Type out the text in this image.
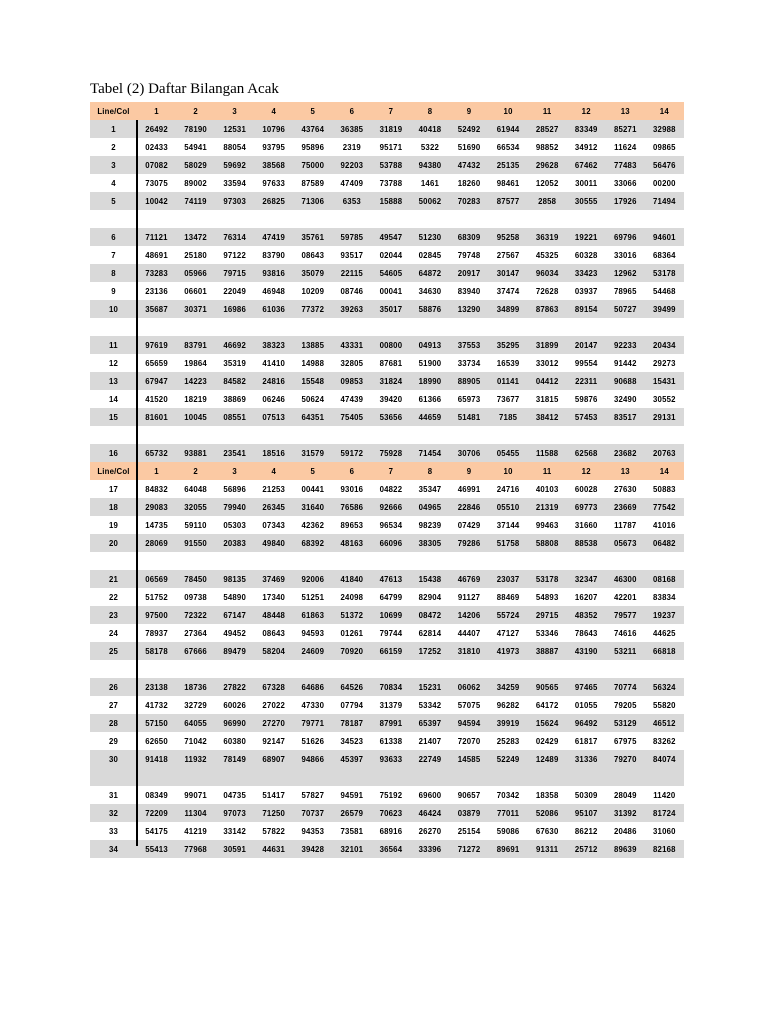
Tabel (2) Daftar Bilangan Acak
Line/Col	1	2	3	4	5	6	7	8	9	10	11	12	13	14
1	26492	78190	12531	10796	43764	36385	31819	40418	52492	61944	28527	83349	85271	32988
2	02433	54941	88054	93795	95896	2319	95171	5322	51690	66534	98852	34912	11624	09865
3	07082	58029	59692	38568	75000	92203	53788	94380	47432	25135	29628	67462	77483	56476
4	73075	89002	33594	97633	87589	47409	73788	1461	18260	98461	12052	30011	33066	00200
5	10042	74119	97303	26825	71306	6353	15888	50062	70283	87577	2858	30555	17926	71494
6	71121	13472	76314	47419	35761	59785	49547	51230	68309	95258	36319	19221	69796	94601
7	48691	25180	97122	83790	08643	93517	02044	02845	79748	27567	45325	60328	33016	68364
8	73283	05966	79715	93816	35079	22115	54605	64872	20917	30147	96034	33423	12962	53178
9	23136	06601	22049	46948	10209	08746	00041	34630	83940	37474	72628	03937	78965	54468
10	35687	30371	16986	61036	77372	39263	35017	58876	13290	34899	87863	89154	50727	39499
11	97619	83791	46692	38323	13885	43331	00800	04913	37553	35295	31899	20147	92233	20434
12	65659	19864	35319	41410	14988	32805	87681	51900	33734	16539	33012	99554	91442	29273
13	67947	14223	84582	24816	15548	09853	31824	18990	88905	01141	04412	22311	90688	15431
14	41520	18219	38869	06246	50624	47439	39420	61366	65973	73677	31815	59876	32490	30552
15	81601	10045	08551	07513	64351	75405	53656	44659	51481	7185	38412	57453	83517	29131
16	65732	93881	23541	18516	31579	59172	75928	71454	30706	05455	11588	62568	23682	20763
Line/Col	1	2	3	4	5	6	7	8	9	10	11	12	13	14
17	84832	64048	56896	21253	00441	93016	04822	35347	46991	24716	40103	60028	27630	50883
18	29083	32055	79940	26345	31640	76586	92666	04965	22846	05510	21319	69773	23669	77542
19	14735	59110	05303	07343	42362	89653	96534	98239	07429	37144	99463	31660	11787	41016
20	28069	91550	20383	49840	68392	48163	66096	38305	79286	51758	58808	88538	05673	06482
21	06569	78450	98135	37469	92006	41840	47613	15438	46769	23037	53178	32347	46300	08168
22	51752	09738	54890	17340	51251	24098	64799	82904	91127	88469	54893	16207	42201	83834
23	97500	72322	67147	48448	61863	51372	10699	08472	14206	55724	29715	48352	79577	19237
24	78937	27364	49452	08643	94593	01261	79744	62814	44407	47127	53346	78643	74616	44625
25	58178	67666	89479	58204	24609	70920	66159	17252	31810	41973	38887	43190	53211	66818
26	23138	18736	27822	67328	64686	64526	70834	15231	06062	34259	90565	97465	70774	56324
27	41732	32729	60026	27022	47330	07794	31379	53342	57075	96282	64172	01055	79205	55820
28	57150	64055	96990	27270	79771	78187	87991	65397	94594	39919	15624	96492	53129	46512
29	62650	71042	60380	92147	51626	34523	61338	21407	72070	25283	02429	61817	67975	83262
30	91418	11932	78149	68907	94866	45397	93633	22749	14585	52249	12489	31336	79270	84074
31	08349	99071	04735	51417	57827	94591	75192	69600	90657	70342	18358	50309	28049	11420
32	72209	11304	97073	71250	70737	26579	70623	46424	03879	77011	52086	95107	31392	81724
33	54175	41219	33142	57822	94353	73581	68916	26270	25154	59086	67630	86212	20486	31060
34	55413	77968	30591	44631	39428	32101	36564	33396	71272	89691	91311	25712	89639	82168
